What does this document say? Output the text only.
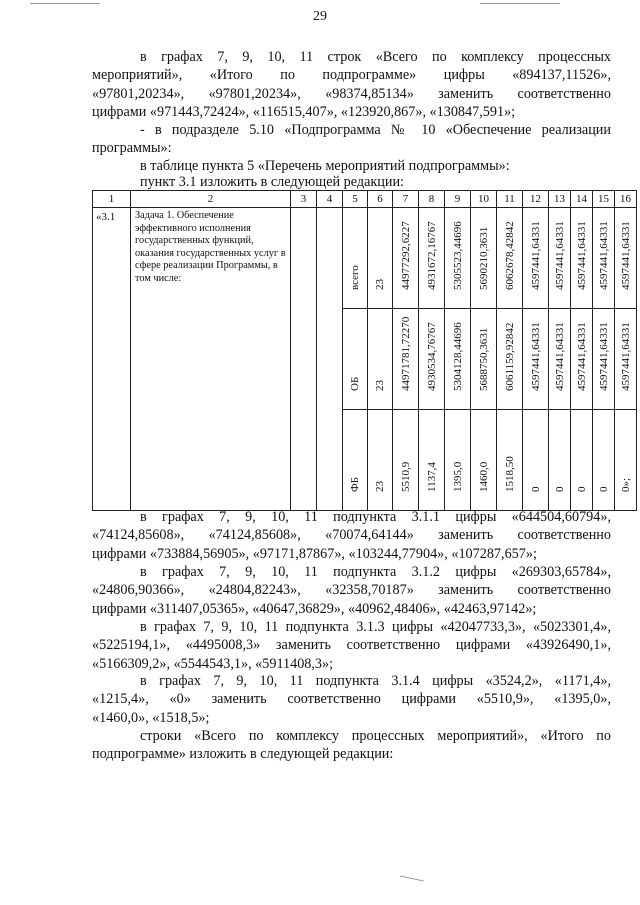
29

в графах 7, 9, 10, 11 строк «Всего по комплексу процессных
мероприятий», «Итого по подпрограмме» цифры «894137,11526»,
«97801,20234», «97801,20234», «98374,85134» заменить соответственно
цифрами «971443,72424», «116515,407», «123920,867», «130847,591»;

- в подразделе 5.10 «Подпрограмма № 10 «Обеспечение реализации
программы»:

в таблице пункта 5 «Перечень мероприятий подпрограммы»:

пункт 3.1 изложить в следующей редакции:

1	2	3	4	5	6	7	8	9	10	11	12	13	14	15	16
«3.1	Задача 1. Обеспечение эффективного исполнения государственных функций, оказания государственных услуг в сфере реализации Программы, в том числе:			всего	23	44977292,6227	4931672,16767	5305523,44696	5690210,3631	6062678,42842	4597441,64331	4597441,64331	4597441,64331	4597441,64331	4597441,64331

				ОБ	23	44971781,72270	4930534,76767	5304128,44696	5688750,3631	6061159,92842	4597441,64331	4597441,64331	4597441,64331	4597441,64331	4597441,64331

				ФБ	23	5510,9	1137,4	1395,0	1460,0	1518,50	0	0	0	0	0»;

в графах 7, 9, 10, 11 подпункта 3.1.1 цифры «644504,60794»,
«74124,85608», «74124,85608», «70074,64144» заменить соответственно
цифрами «733884,56905», «97171,87867», «103244,77904», «107287,657»;

в графах 7, 9, 10, 11 подпункта 3.1.2 цифры «269303,65784»,
«24806,90366», «24804,82243», «32358,70187» заменить соответственно
цифрами «311407,05365», «40647,36829», «40962,48406», «42463,97142»;

в графах 7, 9, 10, 11 подпункта 3.1.3 цифры «42047733,3», «5023301,4»,
«5225194,1», «4495008,3» заменить соответственно цифрами «43926490,1»,
«5166309,2», «5544543,1», «5911408,3»;

в графах 7, 9, 10, 11 подпункта 3.1.4 цифры «3524,2», «1171,4»,
«1215,4», «0» заменить соответственно цифрами «5510,9», «1395,0»,
«1460,0», «1518,5»;

строки «Всего по комплексу процессных мероприятий», «Итого по
подпрограмме» изложить в следующей редакции:
